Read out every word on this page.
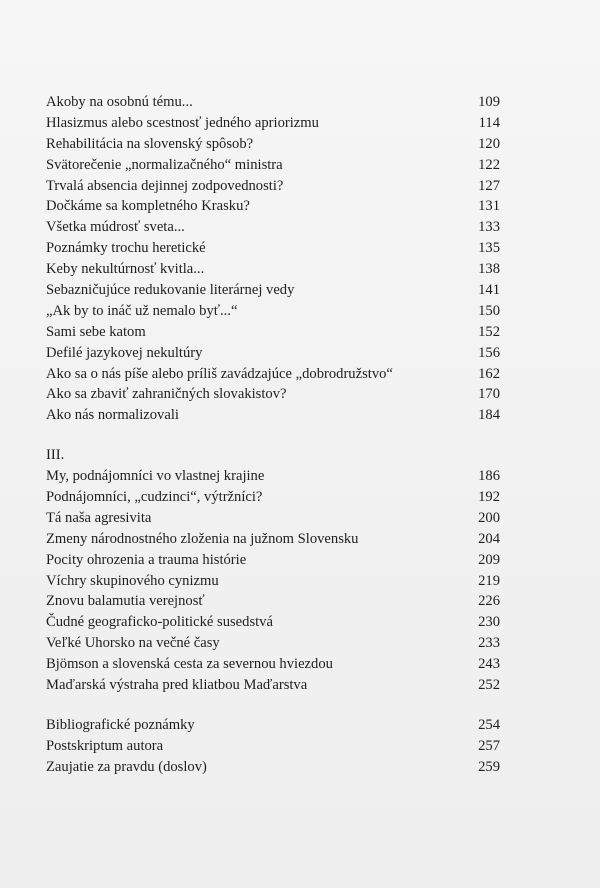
Akoby na osobnú tému...	109
Hlasizmus alebo scestnosť jedného apriorizmu	114
Rehabilitácia na slovenský spôsob?	120
Svätorečenie „normalizačného“ ministra	122
Trvalá absencia dejinnej zodpovednosti?	127
Dočkáme sa kompletného Krasku?	131
Všetka múdrosť sveta...	133
Poznámky trochu heretické	135
Keby nekultúrnosť kvitla...	138
Sebazničujúce redukovanie literárnej vedy	141
„Ak by to ináč už nemalo byť...“	150
Sami sebe katom	152
Defilé jazykovej nekultúry	156
Ako sa o nás píše alebo príliš zavádzajúce „dobrodružstvo“	162
Ako sa zbaviť zahraničných slovakistov?	170
Ako nás normalizovali	184
III.
My, podnájomníci vo vlastnej krajine	186
Podnájomníci, „cudzinci“, výtržníci?	192
Tá naša agresivita	200
Zmeny národnostného zloženia na južnom Slovensku	204
Pocity ohrozenia a trauma histórie	209
Víchry skupinového cynizmu	219
Znovu balamutia verejnosť	226
Čudné geograficko-politické susedstvá	230
Veľké Uhorsko na večné časy	233
Bjömson a slovenská cesta za severnou hviezdou	243
Maďarská výstraha pred kliatbou Maďarstva	252
Bibliografické poznámky	254
Postskriptum autora	257
Zaujatie za pravdu (doslov)	259
